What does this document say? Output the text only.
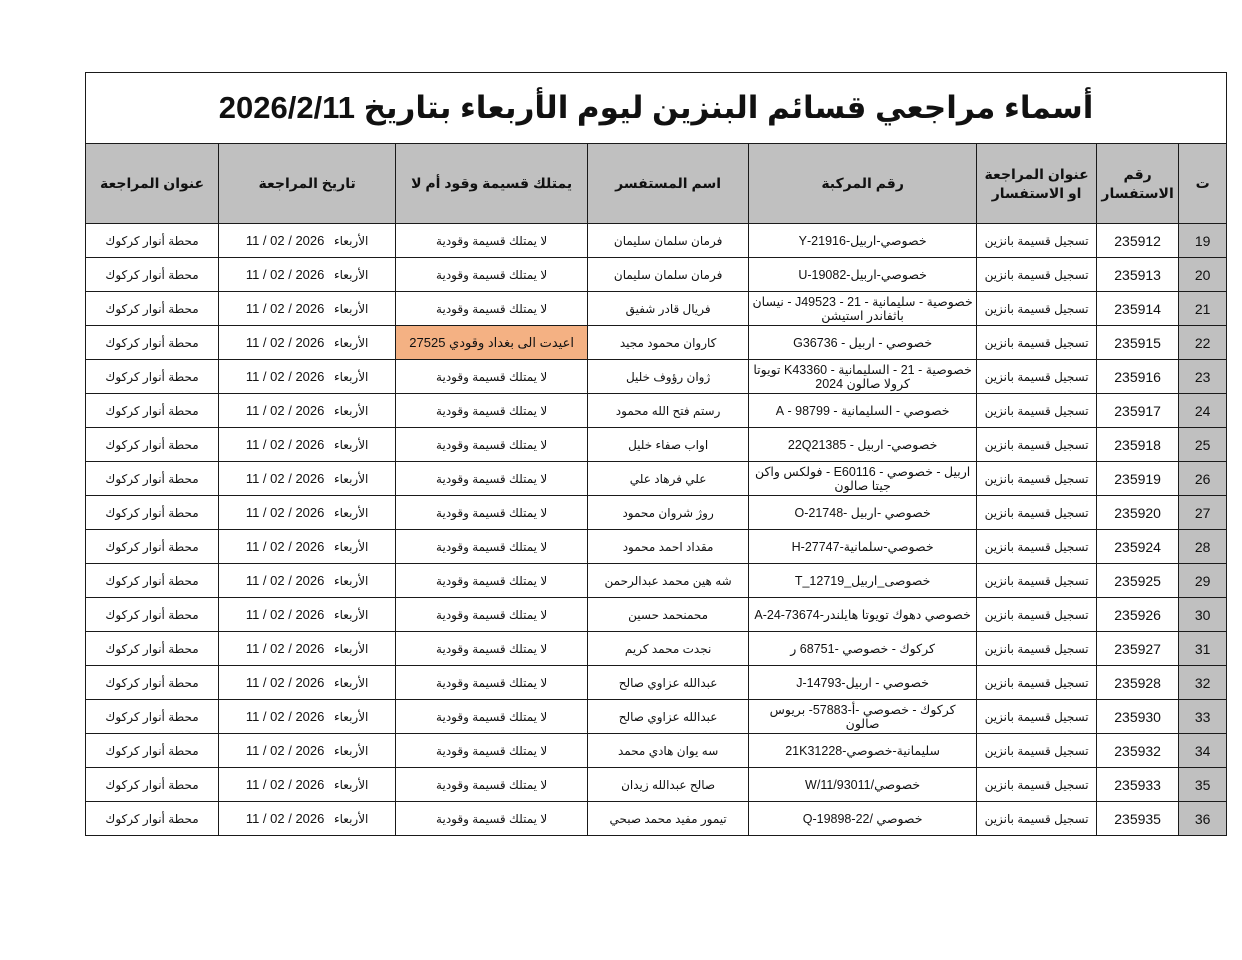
أسماء مراجعي قسائم البنزين ليوم الأربعاء بتاريخ 2026/2/11							
ت	رقم الاستفسار	عنوان المراجعة او الاستفسار	رقم المركبة	اسم المستفسر	يمتلك قسيمة وقود أم لا	تاريخ المراجعة	عنوان المراجعة
19	235912	تسجيل قسيمة بانزين	خصوصي-اربيل-21916-Y	فرمان سلمان سليمان	لا يمتلك قسيمة وقودية	الأربعاء 11 / 02 / 2026	محطة أنوار كركوك
20	235913	تسجيل قسيمة بانزين	خصوصي-اربيل-19082-U	فرمان سلمان سليمان	لا يمتلك قسيمة وقودية	الأربعاء 11 / 02 / 2026	محطة أنوار كركوك
21	235914	تسجيل قسيمة بانزين	خصوصية - سليمانية - 21 - J49523 - نيسان باثفاندر استيشن	فريال قادر شفيق	لا يمتلك قسيمة وقودية	الأربعاء 11 / 02 / 2026	محطة أنوار كركوك
22	235915	تسجيل قسيمة بانزين	خصوصي - اربيل - G36736	كاروان محمود مجيد	اعيدت الى بغداد وقودي 27525	الأربعاء 11 / 02 / 2026	محطة أنوار كركوك
23	235916	تسجيل قسيمة بانزين	خصوصية - 21 - السليمانية - K43360 تويوتا كرولا صالون 2024	ژوان رؤوف خليل	لا يمتلك قسيمة وقودية	الأربعاء 11 / 02 / 2026	محطة أنوار كركوك
24	235917	تسجيل قسيمة بانزين	خصوصي - السليمانية - 98799 - A	رستم فتح الله محمود	لا يمتلك قسيمة وقودية	الأربعاء 11 / 02 / 2026	محطة أنوار كركوك
25	235918	تسجيل قسيمة بانزين	خصوصي- اربيل - 22Q21385	اواب صفاء خليل	لا يمتلك قسيمة وقودية	الأربعاء 11 / 02 / 2026	محطة أنوار كركوك
26	235919	تسجيل قسيمة بانزين	اربيل - خصوصي - E60116 - فولكس واكن جيتا صالون	علي فرهاد علي	لا يمتلك قسيمة وقودية	الأربعاء 11 / 02 / 2026	محطة أنوار كركوك
27	235920	تسجيل قسيمة بانزين	خصوصي -اربيل -21748-O	روژ شروان محمود	لا يمتلك قسيمة وقودية	الأربعاء 11 / 02 / 2026	محطة أنوار كركوك
28	235924	تسجيل قسيمة بانزين	خصوصي-سلمانية-27747-H	مقداد احمد محمود	لا يمتلك قسيمة وقودية	الأربعاء 11 / 02 / 2026	محطة أنوار كركوك
29	235925	تسجيل قسيمة بانزين	خصوصى_اربيل_12719_T	شه هين محمد عبدالرحمن	لا يمتلك قسيمة وقودية	الأربعاء 11 / 02 / 2026	محطة أنوار كركوك
30	235926	تسجيل قسيمة بانزين	خصوصي دهوك تويوتا هايلندر-A-24-73674	محمنحمد حسين	لا يمتلك قسيمة وقودية	الأربعاء 11 / 02 / 2026	محطة أنوار كركوك
31	235927	تسجيل قسيمة بانزين	كركوك - خصوصي -68751 ر	نجدت محمد كريم	لا يمتلك قسيمة وقودية	الأربعاء 11 / 02 / 2026	محطة أنوار كركوك
32	235928	تسجيل قسيمة بانزين	خصوصي - اربيل-14793-J	عبدالله عزاوي صالح	لا يمتلك قسيمة وقودية	الأربعاء 11 / 02 / 2026	محطة أنوار كركوك
33	235930	تسجيل قسيمة بانزين	كركوك - خصوصي -أ-57883- بريوس صالون	عبدالله عزاوي صالح	لا يمتلك قسيمة وقودية	الأربعاء 11 / 02 / 2026	محطة أنوار كركوك
34	235932	تسجيل قسيمة بانزين	سليمانية-خصوصي-21K31228	سه يوان هادي محمد	لا يمتلك قسيمة وقودية	الأربعاء 11 / 02 / 2026	محطة أنوار كركوك
35	235933	تسجيل قسيمة بانزين	خصوصي/93011/W/11	صالح عبدالله زيدان	لا يمتلك قسيمة وقودية	الأربعاء 11 / 02 / 2026	محطة أنوار كركوك
36	235935	تسجيل قسيمة بانزين	خصوصي /22-19898-Q	تيمور مفيد محمد صبحي	لا يمتلك قسيمة وقودية	الأربعاء 11 / 02 / 2026	محطة أنوار كركوك
